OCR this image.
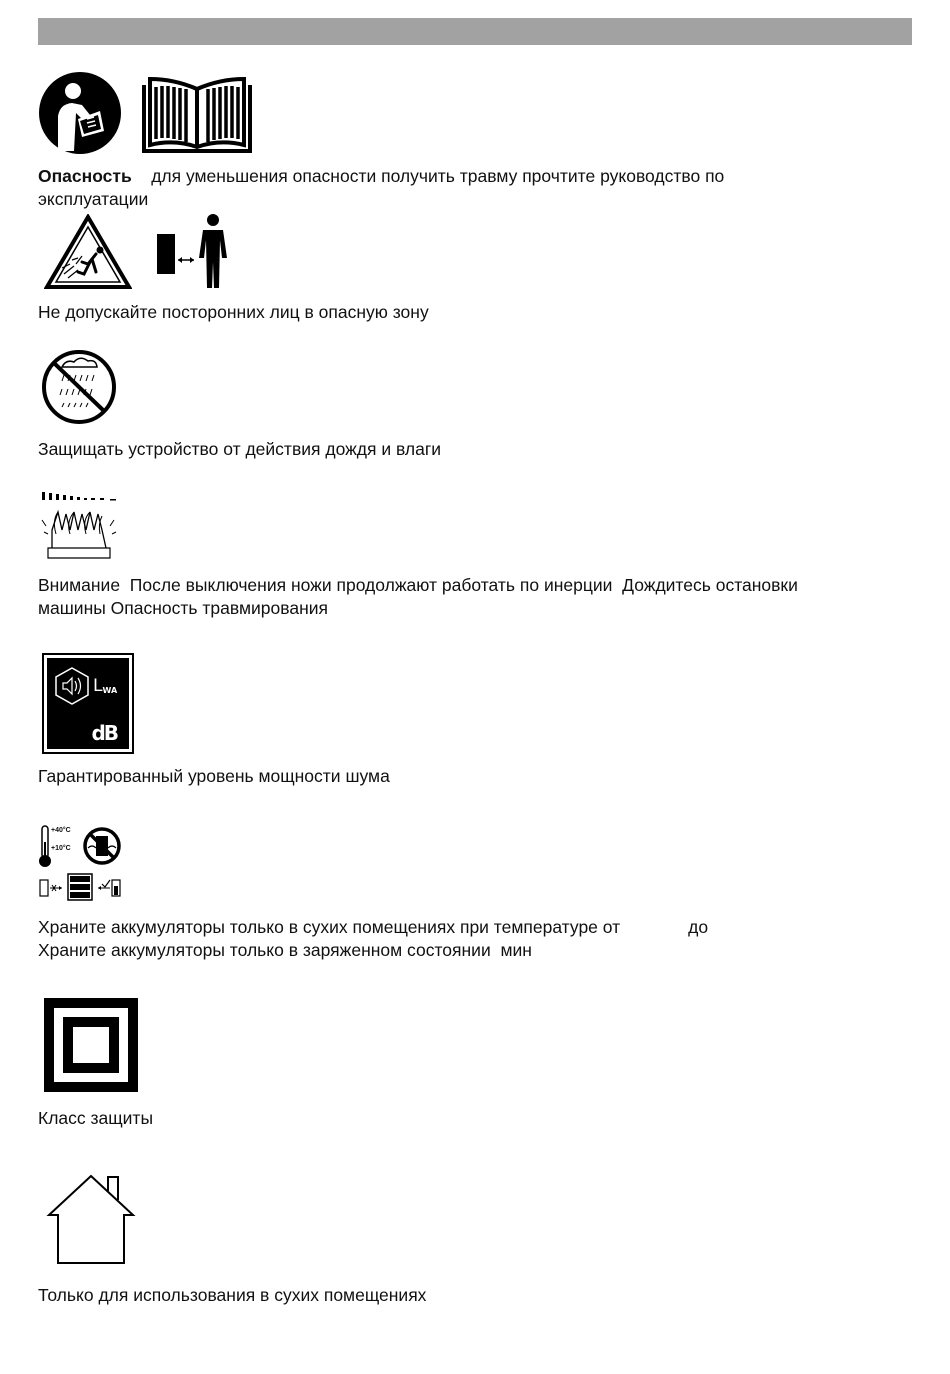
Опасность для уменьшения опасности получить травму прочтите руководство по
эксплуатации
Не допускайте посторонних лиц в опасную зону
Защищать устройство от действия дождя и влаги
Внимание  После выключения ножи продолжают работать по инерции  Дождитесь остановки
машины Опасность травмирования
LWA
dB
Гарантированный уровень мощности шума
+40°C
+10°C
Храните аккумуляторы только в сухих помещениях при температуре от	до
Храните аккумуляторы только в заряженном состоянии  мин
Класс защиты
Только для использования в сухих помещениях
